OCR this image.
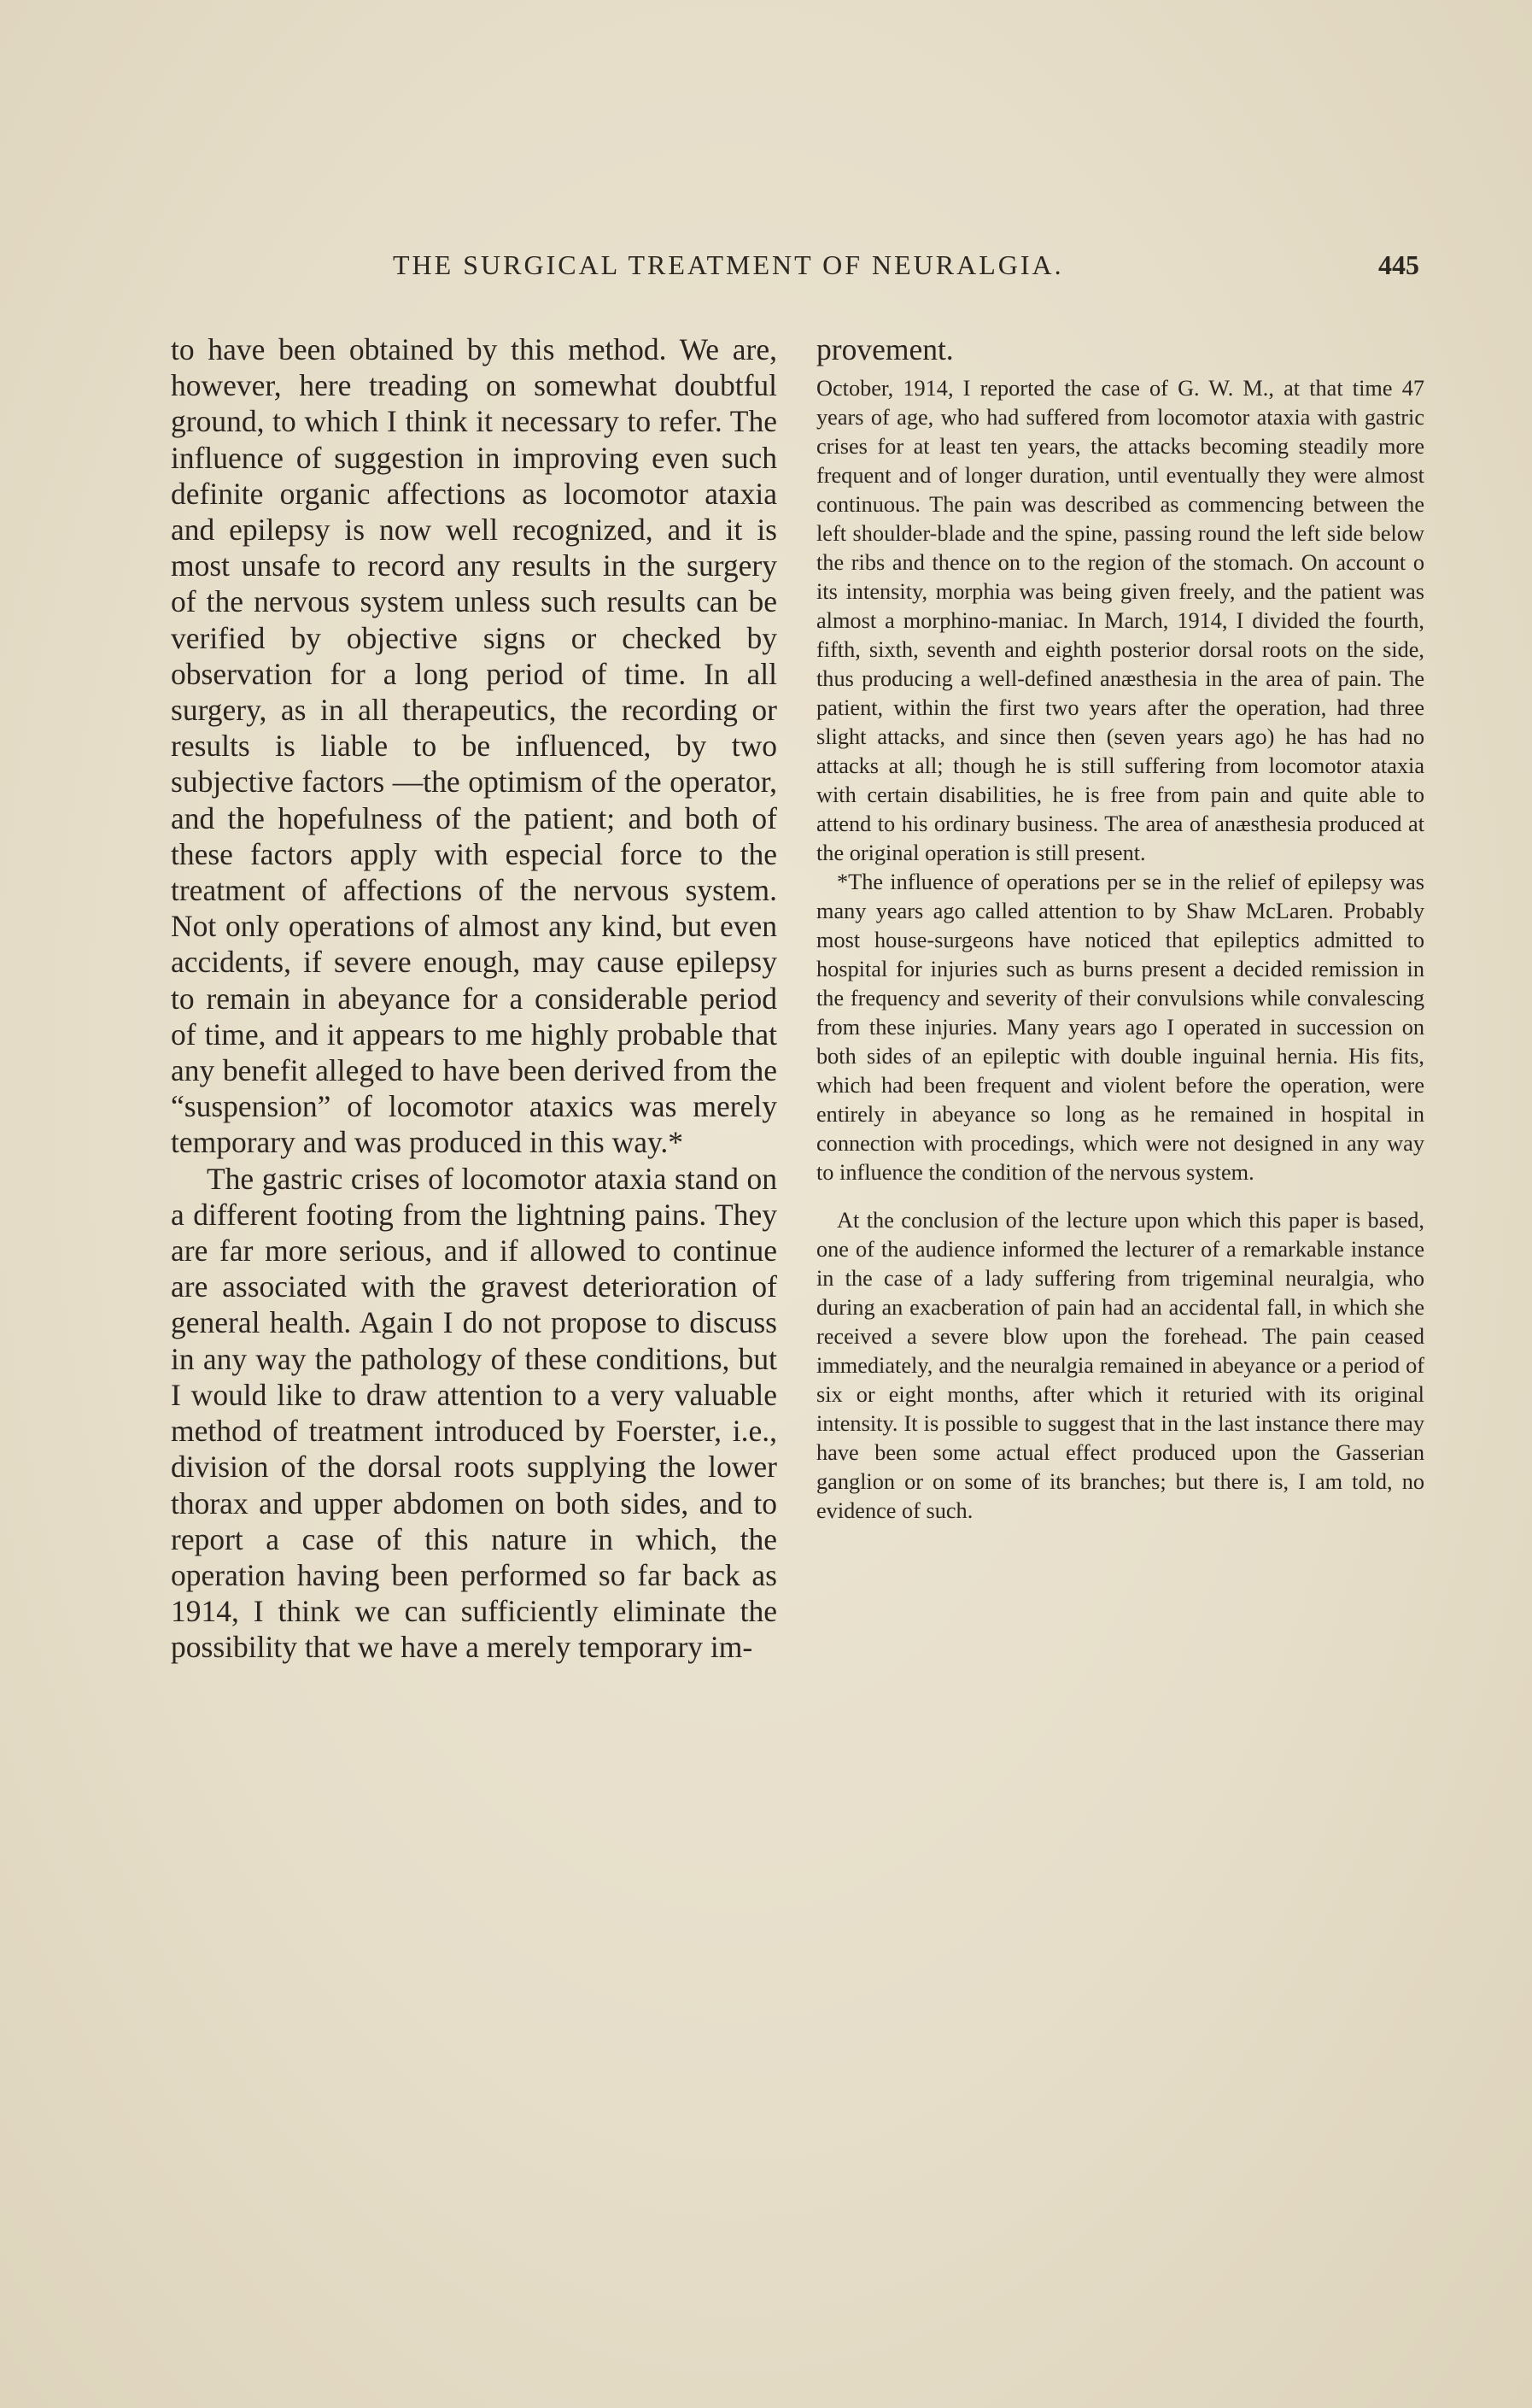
THE SURGICAL TREATMENT OF NEURALGIA.	445

to have been obtained by this method. We are, however, here treading on somewhat doubtful ground, to which I think it necessary to refer. The influence of suggestion in improving even such definite organic affections as locomotor ataxia and epilepsy is now well recognized, and it is most unsafe to record any results in the surgery of the nervous system unless such results can be verified by objective signs or checked by observation for a long period of time. In all surgery, as in all therapeutics, the recording or results is liable to be influenced, by two subjective factors —the optimism of the operator, and the hopefulness of the patient; and both of these factors apply with especial force to the treatment of affections of the nervous system. Not only operations of almost any kind, but even accidents, if severe enough, may cause epilepsy to remain in abeyance for a considerable period of time, and it appears to me highly probable that any benefit alleged to have been derived from the “suspension” of locomotor ataxics was merely temporary and was produced in this way.*

The gastric crises of locomotor ataxia stand on a different footing from the lightning pains. They are far more serious, and if allowed to continue are associated with the gravest deterioration of general health. Again I do not propose to discuss in any way the pathology of these conditions, but I would like to draw attention to a very valuable method of treatment introduced by Foerster, i.e., division of the dorsal roots supplying the lower thorax and upper abdomen on both sides, and to report a case of this nature in which, the operation having been performed so far back as 1914, I think we can sufficiently eliminate the possibility that we have a merely temporary im-

provement.

October, 1914, I reported the case of G. W. M., at that time 47 years of age, who had suffered from locomotor ataxia with gastric crises for at least ten years, the attacks becoming steadily more frequent and of longer duration, until eventually they were almost continuous. The pain was described as commencing between the left shoulder-blade and the spine, passing round the left side below the ribs and thence on to the region of the stomach. On account o its intensity, morphia was being given freely, and the patient was almost a morphino-maniac. In March, 1914, I divided the fourth, fifth, sixth, seventh and eighth posterior dorsal roots on the side, thus producing a well-defined anæsthesia in the area of pain. The patient, within the first two years after the operation, had three slight attacks, and since then (seven years ago) he has had no attacks at all; though he is still suffering from locomotor ataxia with certain disabilities, he is free from pain and quite able to attend to his ordinary business. The area of anæsthesia produced at the original operation is still present.

*The influence of operations per se in the relief of epilepsy was many years ago called attention to by Shaw McLaren. Probably most house-surgeons have noticed that epileptics admitted to hospital for injuries such as burns present a decided remission in the frequency and severity of their convulsions while convalescing from these injuries. Many years ago I operated in succession on both sides of an epileptic with double inguinal hernia. His fits, which had been frequent and violent before the operation, were entirely in abeyance so long as he remained in hospital in connection with procedings, which were not designed in any way to influence the condition of the nervous system.

At the conclusion of the lecture upon which this paper is based, one of the audience informed the lecturer of a remarkable instance in the case of a lady suffering from trigeminal neuralgia, who during an exacberation of pain had an accidental fall, in which she received a severe blow upon the forehead. The pain ceased immediately, and the neuralgia remained in abeyance or a period of six or eight months, after which it returied with its original intensity. It is possible to suggest that in the last instance there may have been some actual effect produced upon the Gasserian ganglion or on some of its branches; but there is, I am told, no evidence of such.
